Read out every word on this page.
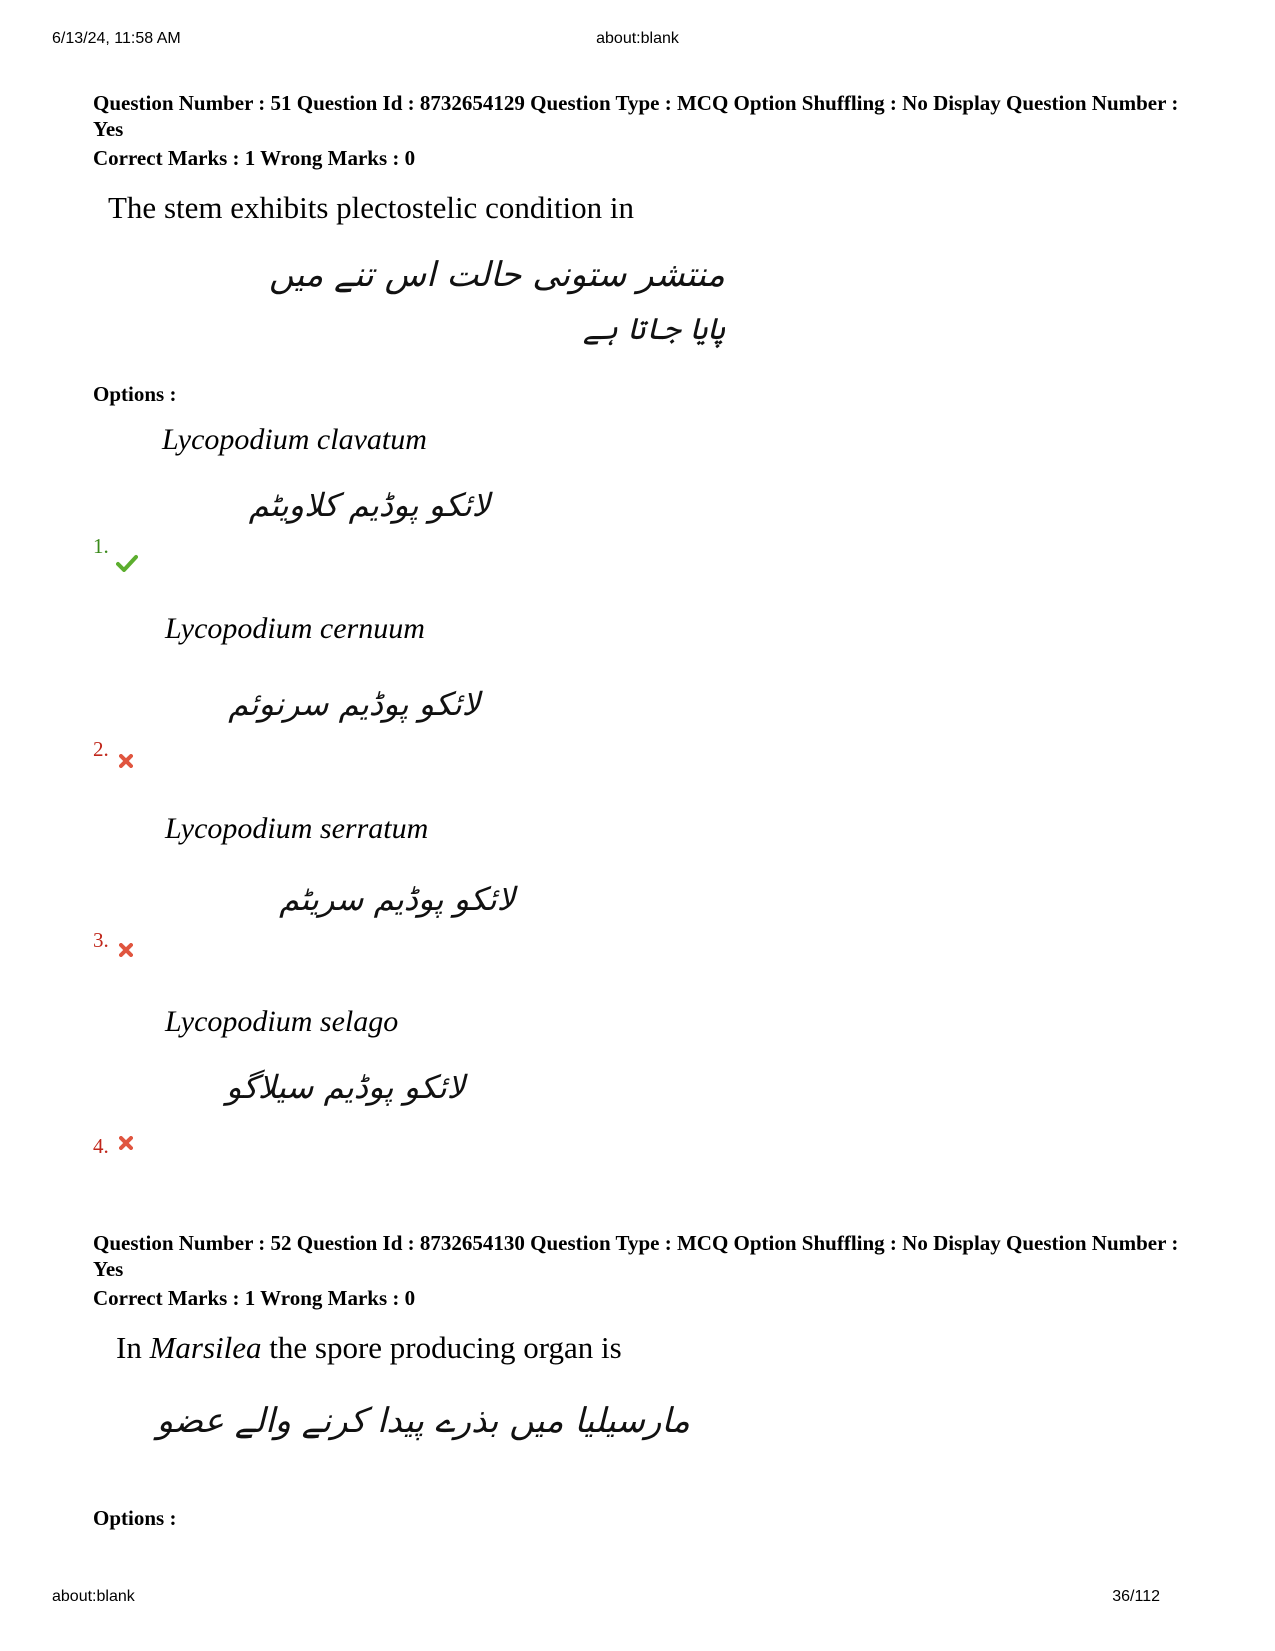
6/13/24, 11:58 AM	about:blank
Question Number : 51 Question Id : 8732654129 Question Type : MCQ Option Shuffling : No Display Question Number : Yes
Correct Marks : 1 Wrong Marks : 0
The stem exhibits plectostelic condition in
منتشر ستونی حالت اس تنے میں
پایا جاتا ہے
Options :
Lycopodium clavatum
لائکو پوڈیم کلاویٹم
1.
Lycopodium cernuum
لائکو پوڈیم سرنوئم
2.
Lycopodium serratum
لائکو پوڈیم سریٹم
3.
Lycopodium selago
لائکو پوڈیم سیلاگو
4.
Question Number : 52 Question Id : 8732654130 Question Type : MCQ Option Shuffling : No Display Question Number : Yes
Correct Marks : 1 Wrong Marks : 0
In Marsilea the spore producing organ is
مارسیلیا میں بذرے پیدا کرنے والے عضو
Options :
about:blank	36/112
